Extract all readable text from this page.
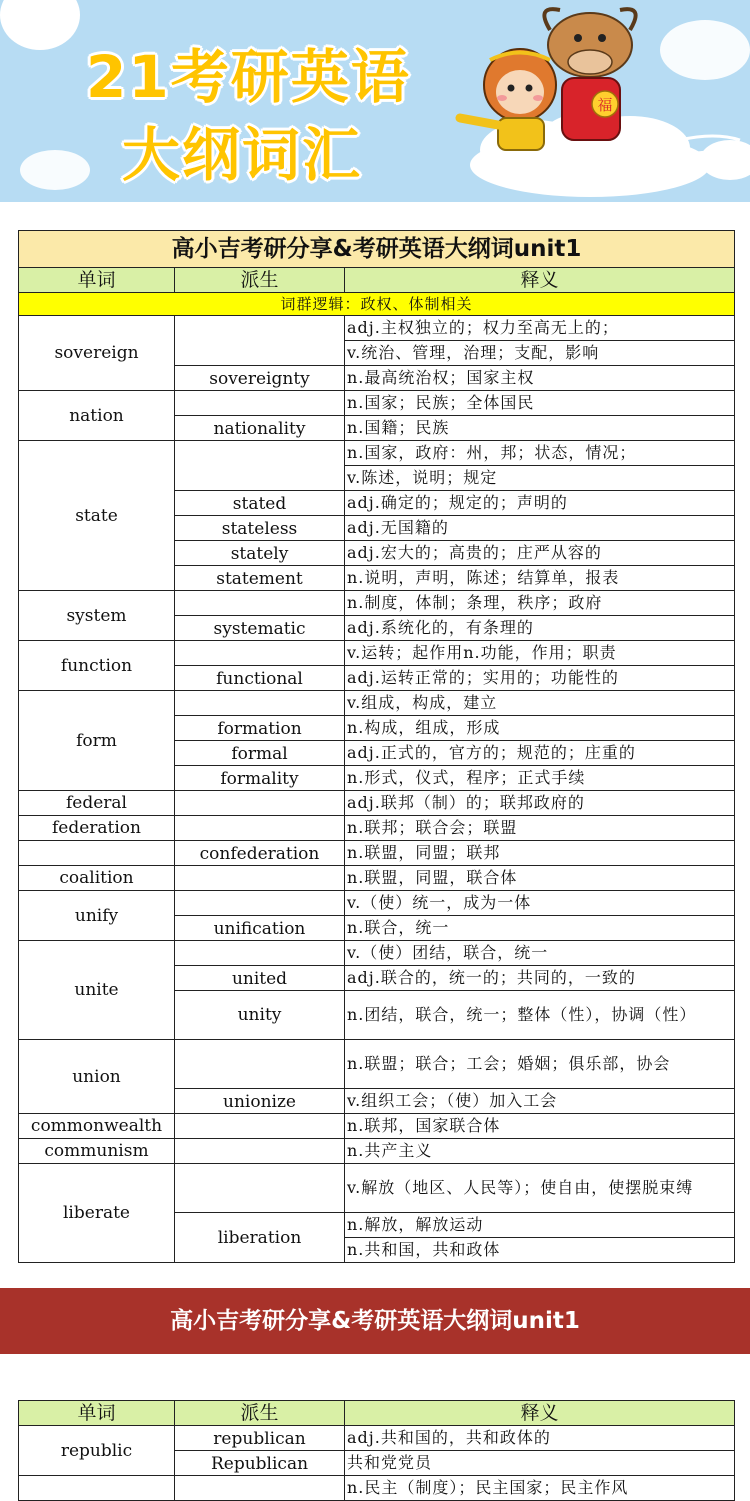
21考研英语
大纲词汇
福
高小吉考研分享&考研英语大纲词unit1		
单词	派生	释义
词群逻辑：政权、体制相关		
sovereign		adj.主权独立的；权力至高无上的；
		v.统治、管理，治理；支配，影响
	sovereignty	n.最高统治权；国家主权
nation		n.国家；民族；全体国民
	nationality	n.国籍；民族
state		n.国家，政府：州，邦；状态，情况；
		v.陈述，说明；规定
	stated	adj.确定的；规定的；声明的
	stateless	adj.无国籍的
	stately	adj.宏大的；高贵的；庄严从容的
	statement	n.说明，声明，陈述；结算单，报表
system		n.制度，体制；条理，秩序；政府
	systematic	adj.系统化的，有条理的
function		v.运转；起作用n.功能，作用；职责
	functional	adj.运转正常的；实用的；功能性的
form		v.组成，构成，建立
	formation	n.构成，组成，形成
	formal	adj.正式的，官方的；规范的；庄重的
	formality	n.形式，仪式，程序；正式手续
federal		adj.联邦（制）的；联邦政府的
federation		n.联邦；联合会；联盟
	confederation	n.联盟，同盟；联邦
coalition		n.联盟，同盟，联合体
unify		v.（使）统一，成为一体
	unification	n.联合，统一
unite		v.（使）团结，联合，统一
	united	adj.联合的，统一的；共同的，一致的
	unity	n.团结，联合，统一；整体（性），协调（性）
union		n.联盟；联合；工会；婚姻；俱乐部，协会
	unionize	v.组织工会；（使）加入工会
commonwealth		n.联邦，国家联合体
communism		n.共产主义
liberate		v.解放（地区、人民等）；使自由，使摆脱束缚
	liberation	n.解放，解放运动
		n.共和国，共和政体
高小吉考研分享&考研英语大纲词unit1
单词	派生	释义
republic	republican	adj.共和国的，共和政体的
	Republican	共和党党员
		n.民主（制度）；民主国家；民主作风
